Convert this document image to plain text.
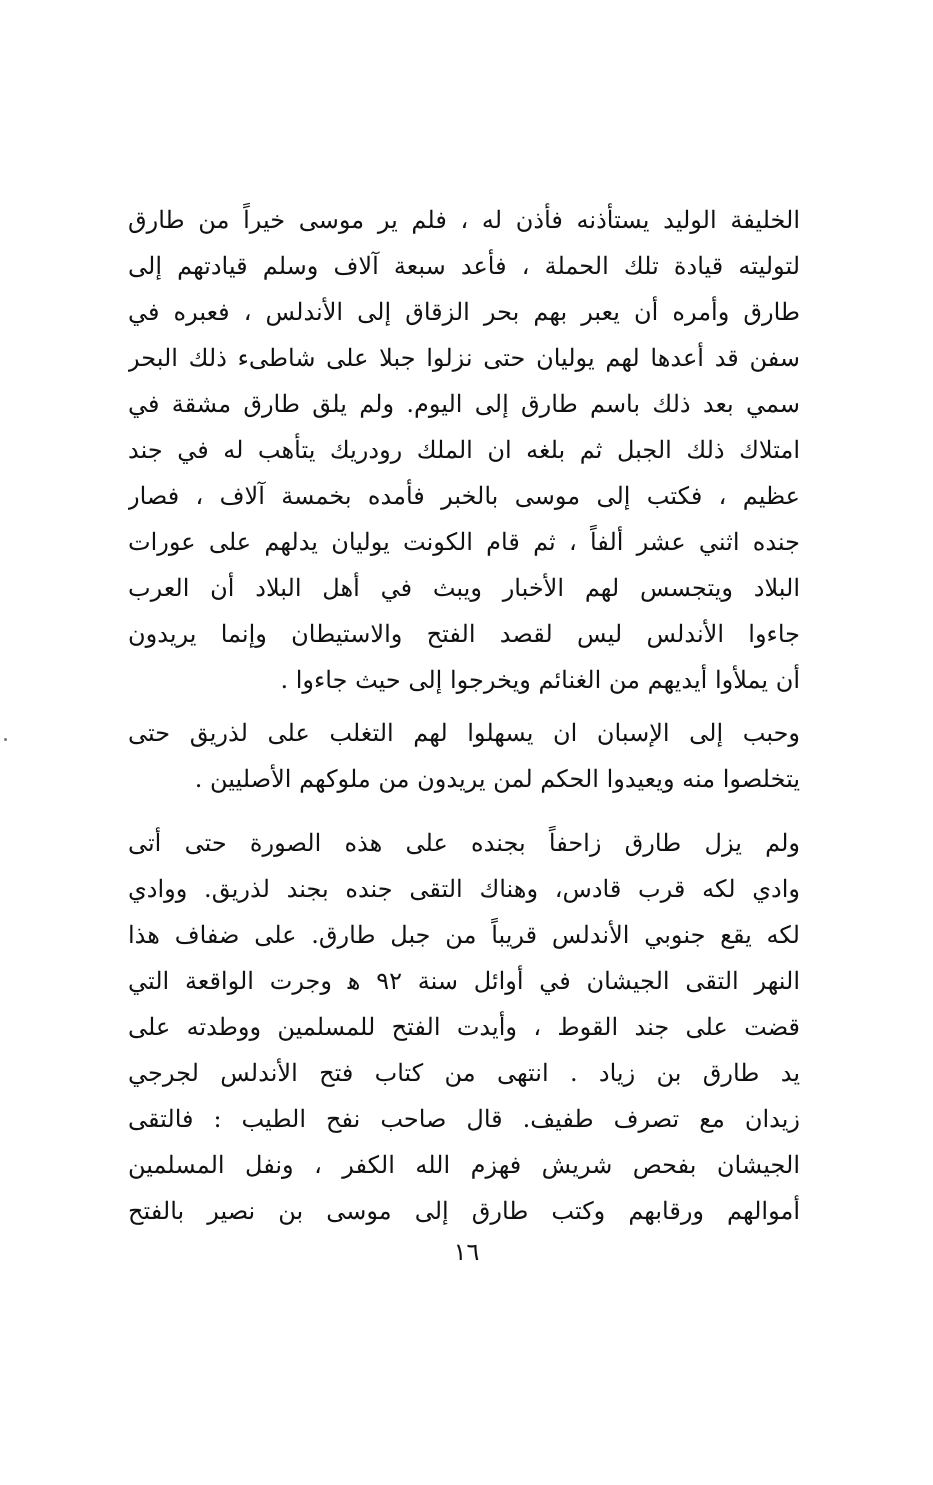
الخليفة الوليد يستأذنه فأذن له ، فلم ير موسى خيراً من طارق
لتوليته قيادة تلك الحملة ، فأعد سبعة آلاف وسلم قيادتهم إلى
طارق وأمره أن يعبر بهم بحر الزقاق إلى الأندلس ، فعبره في
سفن قد أعدها لهم يوليان حتى نزلوا جبلا على شاطىء ذلك البحر
سمي بعد ذلك باسم طارق إلى اليوم. ولم يلق طارق مشقة في
امتلاك ذلك الجبل ثم بلغه ان الملك رودريك يتأهب له في جند
عظيم ، فكتب إلى موسى بالخبر فأمده بخمسة آلاف ، فصار
جنده اثني عشر ألفاً ، ثم قام الكونت يوليان يدلهم على عورات
البلاد ويتجسس لهم الأخبار ويبث في أهل البلاد أن العرب
جاءوا الأندلس ليس لقصد الفتح والاستيطان وإنما يريدون
أن يملأوا أيديهم من الغنائم ويخرجوا إلى حيث جاءوا .
وحبب إلى الإسبان ان يسهلوا لهم التغلب على لذريق حتى
يتخلصوا منه ويعيدوا الحكم لمن يريدون من ملوكهم الأصليين .
ولم يزل طارق زاحفاً بجنده على هذه الصورة حتى أتى
وادي لكه قرب قادس، وهناك التقى جنده بجند لذريق. ووادي
لكه يقع جنوبي الأندلس قريباً من جبل طارق. على ضفاف هذا
النهر التقى الجيشان في أوائل سنة ٩٢ ﻫ وجرت الواقعة التي
قضت على جند القوط ، وأيدت الفتح للمسلمين ووطدته على
يد طارق بن زياد . انتهى من كتاب فتح الأندلس لجرجي
زيدان مع تصرف طفيف. قال صاحب نفح الطيب : فالتقى
الجيشان بفحص شريش فهزم الله الكفر ، ونفل المسلمين
أموالهم ورقابهم وكتب طارق إلى موسى بن نصير بالفتح
١٦
